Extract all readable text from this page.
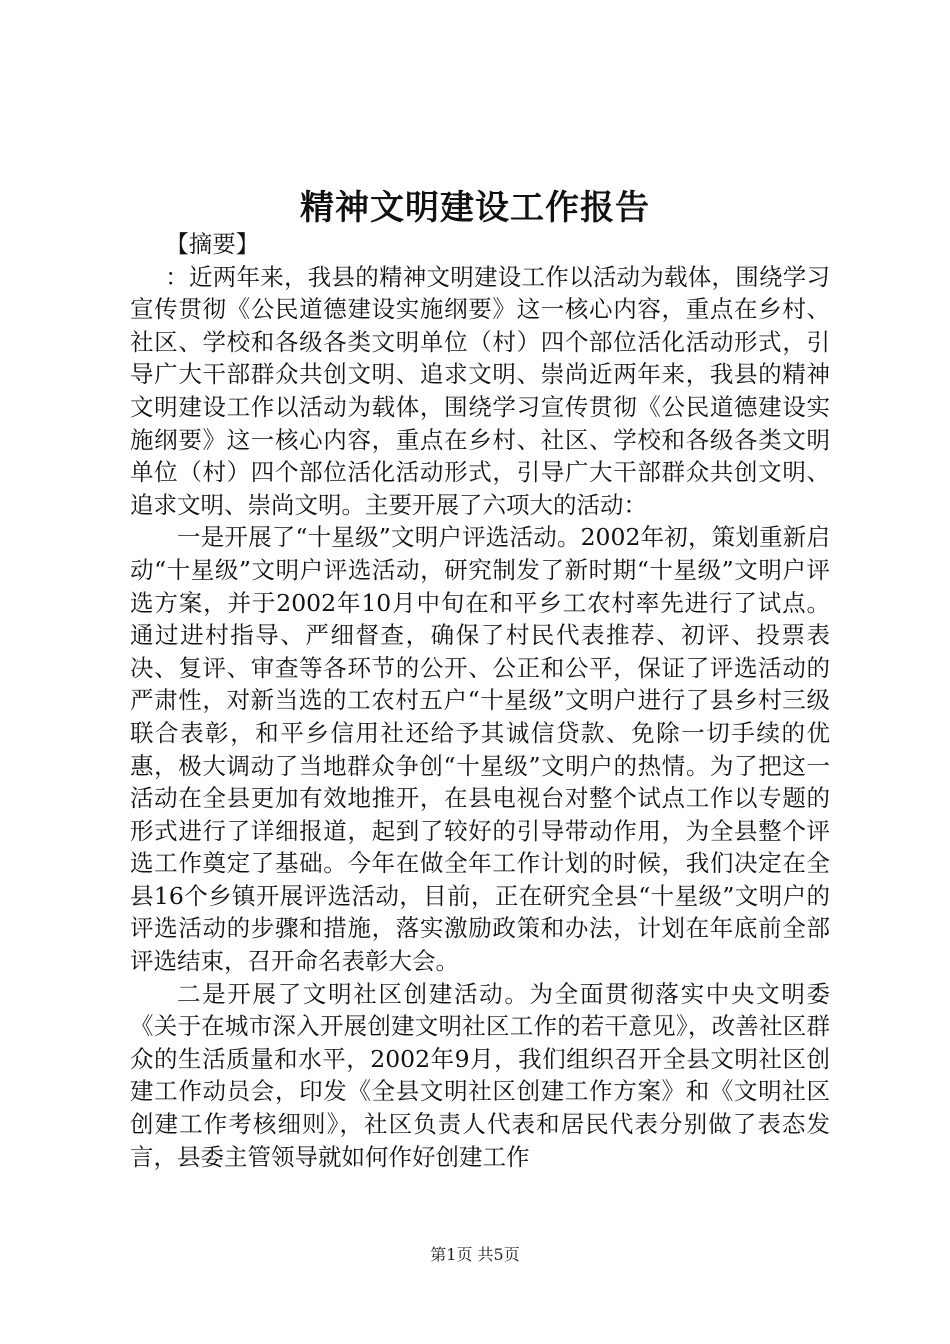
精神文明建设工作报告

【摘要】

：近两年来，我县的精神文明建设工作以活动为载体，围绕学习宣传贯彻《公民道德建设实施纲要》这一核心内容，重点在乡村、社区、学校和各级各类文明单位（村）四个部位活化活动形式，引导广大干部群众共创文明、追求文明、崇尚近两年来，我县的精神文明建设工作以活动为载体，围绕学习宣传贯彻《公民道德建设实施纲要》这一核心内容，重点在乡村、社区、学校和各级各类文明单位（村）四个部位活化活动形式，引导广大干部群众共创文明、追求文明、崇尚文明。主要开展了六项大的活动：

一是开展了“十星级”文明户评选活动。2002年初，策划重新启动“十星级”文明户评选活动，研究制发了新时期“十星级”文明户评选方案，并于2002年10月中旬在和平乡工农村率先进行了试点。通过进村指导、严细督查，确保了村民代表推荐、初评、投票表决、复评、审查等各环节的公开、公正和公平，保证了评选活动的严肃性，对新当选的工农村五户“十星级”文明户进行了县乡村三级联合表彰，和平乡信用社还给予其诚信贷款、免除一切手续的优惠，极大调动了当地群众争创“十星级”文明户的热情。为了把这一活动在全县更加有效地推开，在县电视台对整个试点工作以专题的形式进行了详细报道，起到了较好的引导带动作用，为全县整个评选工作奠定了基础。今年在做全年工作计划的时候，我们决定在全县16个乡镇开展评选活动，目前，正在研究全县“十星级”文明户的评选活动的步骤和措施，落实激励政策和办法，计划在年底前全部评选结束，召开命名表彰大会。

二是开展了文明社区创建活动。为全面贯彻落实中央文明委《关于在城市深入开展创建文明社区工作的若干意见》，改善社区群众的生活质量和水平，2002年9月，我们组织召开全县文明社区创建工作动员会，印发《全县文明社区创建工作方案》和《文明社区创建工作考核细则》，社区负责人代表和居民代表分别做了表态发言，县委主管领导就如何作好创建工作

第1页 共5页
